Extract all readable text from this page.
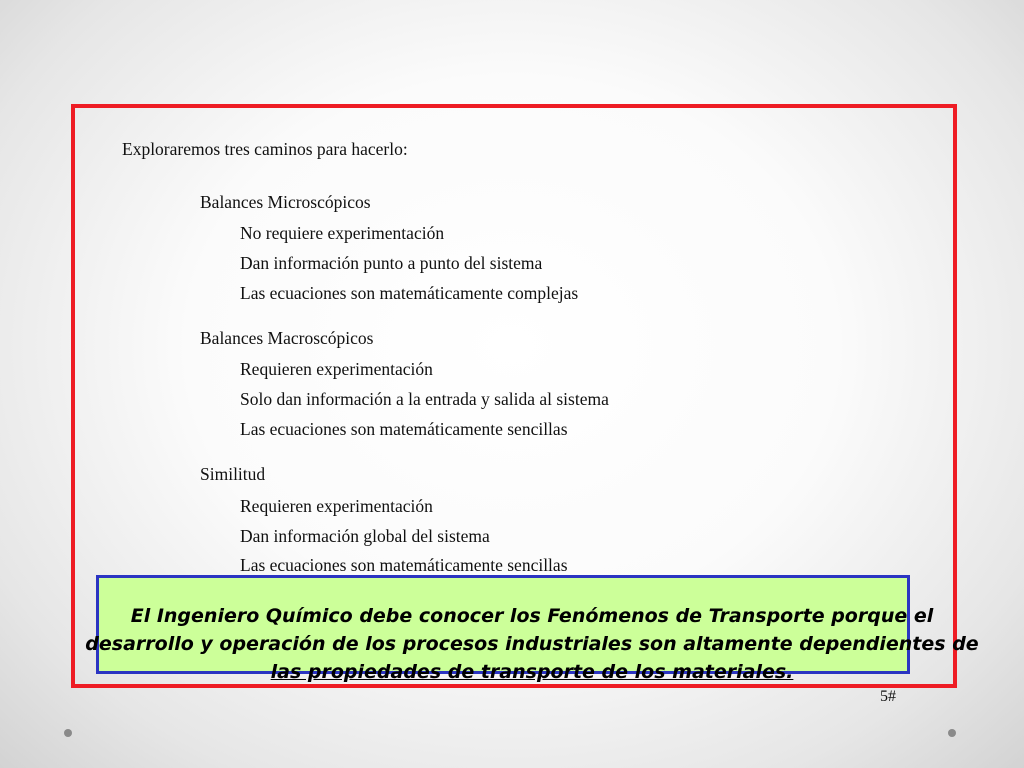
Exploraremos tres caminos para hacerlo:
Balances Microscópicos
No requiere experimentación
Dan información punto a punto del sistema
Las ecuaciones son matemáticamente complejas
Balances Macroscópicos
Requieren experimentación
Solo dan información a la entrada y salida al sistema
Las ecuaciones son matemáticamente sencillas
Similitud
Requieren experimentación
Dan información global del sistema
Las ecuaciones son matemáticamente sencillas
El Ingeniero Químico debe conocer los Fenómenos de Transporte porque el
desarrollo y operación de los procesos industriales son altamente dependientes de
las propiedades de transporte de los materiales.
5#
